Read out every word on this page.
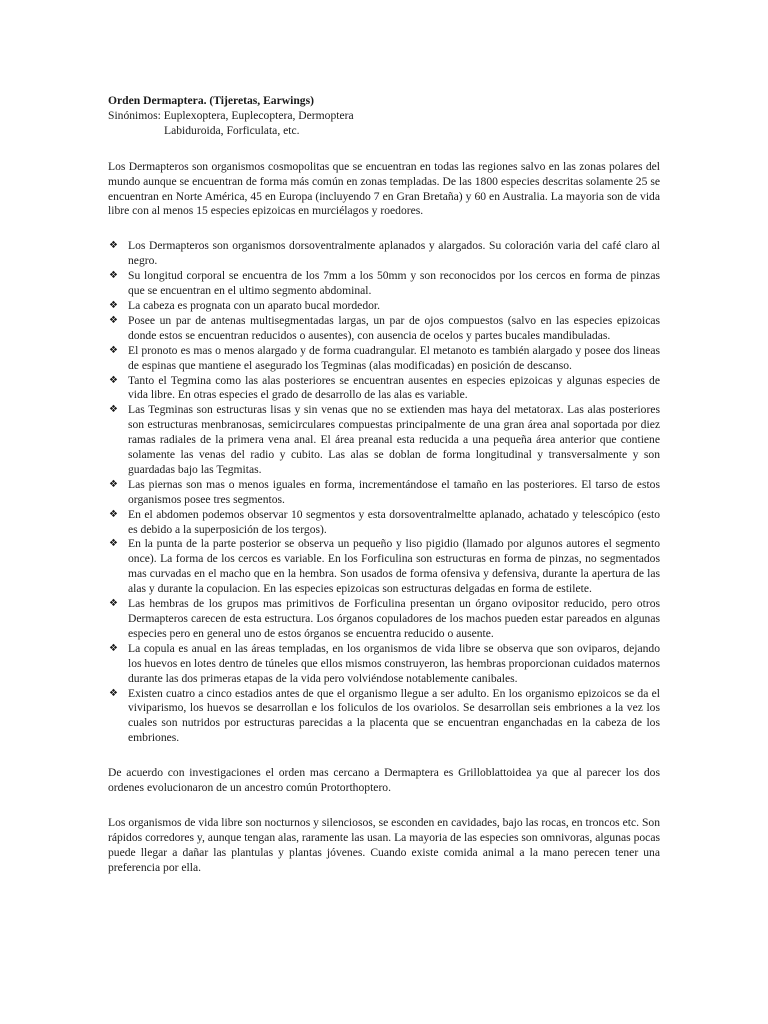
Orden Dermaptera. (Tijeretas, Earwings)

Sinónimos: Euplexoptera, Euplecoptera, Dermoptera

Labiduroida, Forficulata, etc.

Los Dermapteros son organismos cosmopolitas que se encuentran en todas las regiones salvo en las zonas polares del mundo aunque se encuentran de forma más común en zonas templadas. De las 1800 especies descritas solamente 25 se encuentran en Norte América, 45 en Europa (incluyendo 7 en Gran Bretaña) y 60 en Australia. La mayoria son de vida libre con al menos 15 especies epizoicas en murciélagos y roedores.

❖ Los Dermapteros son organismos dorsoventralmente aplanados y alargados. Su coloración varia del café claro al negro.
❖ Su longitud corporal se encuentra de los 7mm a los 50mm y son reconocidos por los cercos en forma de pinzas que se encuentran en el ultimo segmento abdominal.
❖ La cabeza es prognata con un aparato bucal mordedor.
❖ Posee un par de antenas multisegmentadas largas, un par de ojos compuestos (salvo en las especies epizoicas donde estos se encuentran reducidos o ausentes), con ausencia de ocelos y partes bucales mandibuladas.
❖ El pronoto es mas o menos alargado y de forma cuadrangular. El metanoto es también alargado y posee dos lineas de espinas que mantiene el asegurado los Tegminas (alas modificadas) en posición de descanso.
❖ Tanto el Tegmina como las alas posteriores se encuentran ausentes en especies epizoicas y algunas especies de vida libre. En otras especies el grado de desarrollo de las alas es variable.
❖ Las Tegminas son estructuras lisas y sin venas que no se extienden mas haya del metatorax. Las alas posteriores son estructuras menbranosas, semicirculares compuestas principalmente de una gran área anal soportada por diez ramas radiales de la primera vena anal. El área preanal esta reducida a una pequeña área anterior que contiene solamente las venas del radio y cubito. Las alas se doblan de forma longitudinal y transversalmente y son guardadas bajo las Tegmitas.
❖ Las piernas son mas o menos iguales en forma, incrementándose el tamaño en las posteriores. El tarso de estos organismos posee tres segmentos.
❖ En el abdomen podemos observar 10 segmentos y esta dorsoventralmeltte aplanado, achatado y telescópico (esto es debido a la superposición de los tergos).
❖ En la punta de la parte posterior se observa un pequeño y liso pigidio (llamado por algunos autores el segmento once). La forma de los cercos es variable. En los Forficulina son estructuras en forma de pinzas, no segmentados mas curvadas en el macho que en la hembra. Son usados de forma ofensiva y defensiva, durante la apertura de las alas y durante la copulacion. En las especies epizoicas son estructuras delgadas en forma de estilete.
❖ Las hembras de los grupos mas primitivos de Forficulina presentan un órgano ovipositor reducido, pero otros Dermapteros carecen de esta estructura. Los órganos copuladores de los machos pueden estar pareados en algunas especies pero en general uno de estos órganos se encuentra reducido o ausente.
❖ La copula es anual en las áreas templadas, en los organismos de vida libre se observa que son oviparos, dejando los huevos en lotes dentro de túneles que ellos mismos construyeron, las hembras proporcionan cuidados maternos durante las dos primeras etapas de la vida pero volviéndose notablemente canibales.
❖ Existen cuatro a cinco estadios antes de que el organismo llegue a ser adulto. En los organismo epizoicos se da el viviparismo, los huevos se desarrollan e los foliculos de los ovariolos. Se desarrollan seis embriones a la vez los cuales son nutridos por estructuras parecidas a la placenta que se encuentran enganchadas en la cabeza de los embriones.

De acuerdo con investigaciones el orden mas cercano a Dermaptera es Grilloblattoidea ya que al parecer los dos ordenes evolucionaron de un ancestro común Protorthoptero.

Los organismos de vida libre son nocturnos y silenciosos, se esconden en cavidades, bajo las rocas, en troncos etc. Son rápidos corredores y, aunque tengan alas, raramente las usan. La mayoria de las especies son omnivoras, algunas pocas puede llegar a dañar las plantulas y plantas jóvenes. Cuando existe comida animal a la mano perecen tener una preferencia por ella.
